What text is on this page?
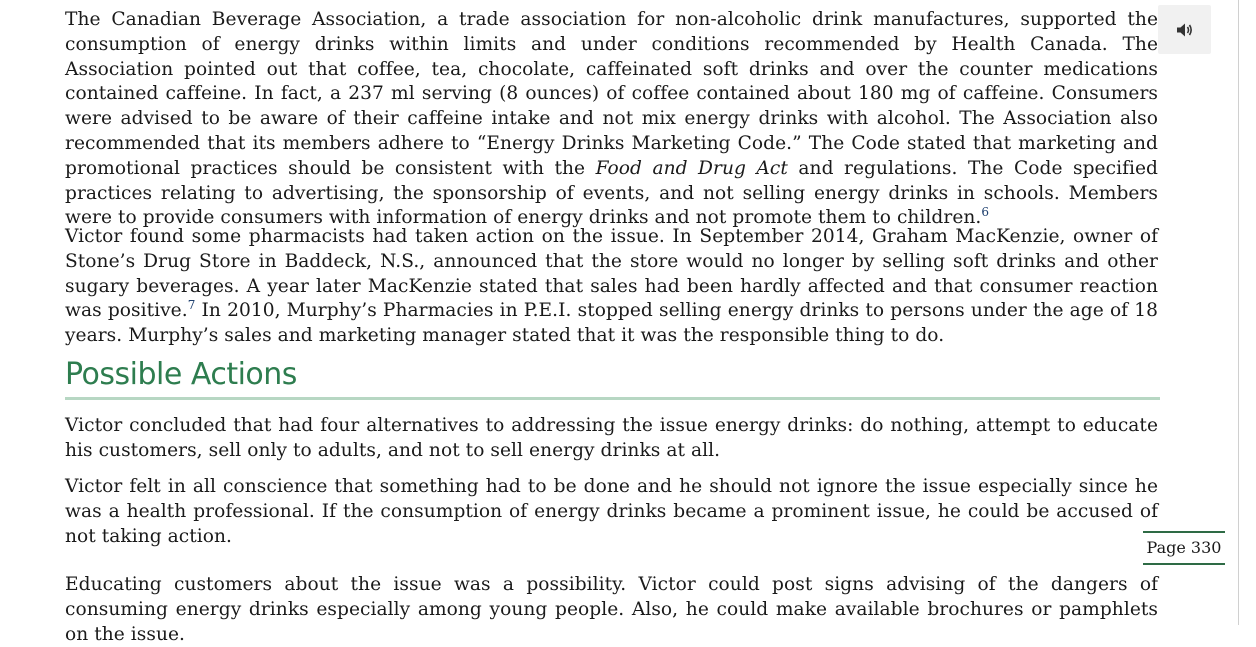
The Canadian Beverage Association, a trade association for non-alcoholic drink manufactures, supported the consumption of energy drinks within limits and under conditions recommended by Health Canada. The Association pointed out that coffee, tea, chocolate, caffeinated soft drinks and over the counter medications contained caffeine. In fact, a 237 ml serving (8 ounces) of coffee contained about 180 mg of caffeine. Consumers were advised to be aware of their caffeine intake and not mix energy drinks with alcohol. The Association also recommended that its members adhere to “Energy Drinks Marketing Code.” The Code stated that marketing and promotional practices should be consistent with the Food and Drug Act and regulations. The Code specified practices relating to advertising, the sponsorship of events, and not selling energy drinks in schools. Members were to provide consumers with information of energy drinks and not promote them to children.$^6$

Victor found some pharmacists had taken action on the issue. In September 2014, Graham MacKenzie, owner of Stone’s Drug Store in Baddeck, N.S., announced that the store would no longer by selling soft drinks and other sugary beverages. A year later MacKenzie stated that sales had been hardly affected and that consumer reaction was positive.$^7$ In 2010, Murphy’s Pharmacies in P.E.I. stopped selling energy drinks to persons under the age of 18 years. Murphy’s sales and marketing manager stated that it was the responsible thing to do.

Possible Actions

Victor concluded that had four alternatives to addressing the issue energy drinks: do nothing, attempt to educate his customers, sell only to adults, and not to sell energy drinks at all.

Victor felt in all conscience that something had to be done and he should not ignore the issue especially since he was a health professional. If the consumption of energy drinks became a prominent issue, he could be accused of not taking action.

Page 330

Educating customers about the issue was a possibility. Victor could post signs advising of the dangers of consuming energy drinks especially among young people. Also, he could make available brochures or pamphlets on the issue.
